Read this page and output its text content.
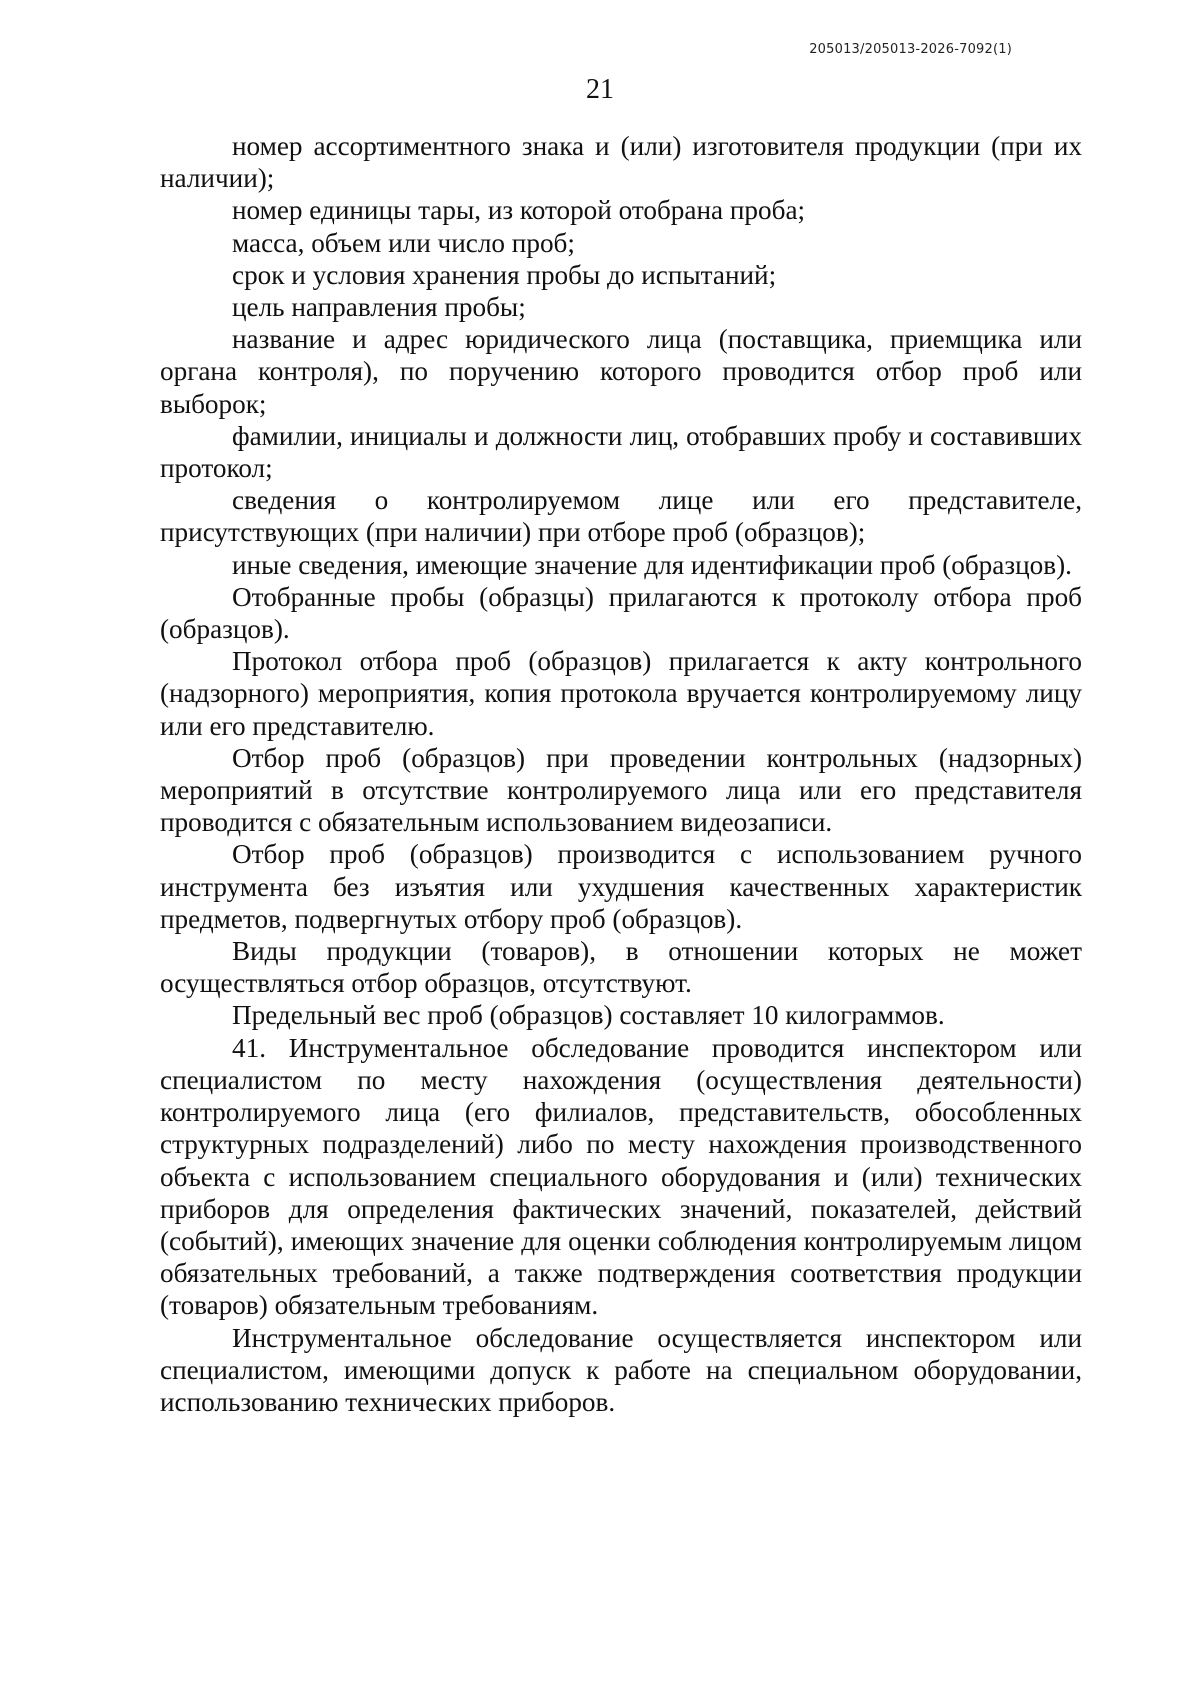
205013/205013-2026-7092(1)
21

номер ассортиментного знака и (или) изготовителя продукции (при их наличии);

номер единицы тары, из которой отобрана проба;

масса, объем или число проб;

срок и условия хранения пробы до испытаний;

цель направления пробы;

название и адрес юридического лица (поставщика, приемщика или органа контроля), по поручению которого проводится отбор проб или выборок;

фамилии, инициалы и должности лиц, отобравших пробу и составивших протокол;

сведения о контролируемом лице или его представителе, присутствующих (при наличии) при отборе проб (образцов);

иные сведения, имеющие значение для идентификации проб (образцов).

Отобранные пробы (образцы) прилагаются к протоколу отбора проб (образцов).

Протокол отбора проб (образцов) прилагается к акту контрольного (надзорного) мероприятия, копия протокола вручается контролируемому лицу или его представителю.

Отбор проб (образцов) при проведении контрольных (надзорных) мероприятий в отсутствие контролируемого лица или его представителя проводится с обязательным использованием видеозаписи.

Отбор проб (образцов) производится с использованием ручного инструмента без изъятия или ухудшения качественных характеристик предметов, подвергнутых отбору проб (образцов).

Виды продукции (товаров), в отношении которых не может осуществляться отбор образцов, отсутствуют.

Предельный вес проб (образцов) составляет 10 килограммов.

41. Инструментальное обследование проводится инспектором или специалистом по месту нахождения (осуществления деятельности) контролируемого лица (его филиалов, представительств, обособленных структурных подразделений) либо по месту нахождения производственного объекта с использованием специального оборудования и (или) технических приборов для определения фактических значений, показателей, действий (событий), имеющих значение для оценки соблюдения контролируемым лицом обязательных требований, а также подтверждения соответствия продукции (товаров) обязательным требованиям.

Инструментальное обследование осуществляется инспектором или специалистом, имеющими допуск к работе на специальном оборудовании, использованию технических приборов.
